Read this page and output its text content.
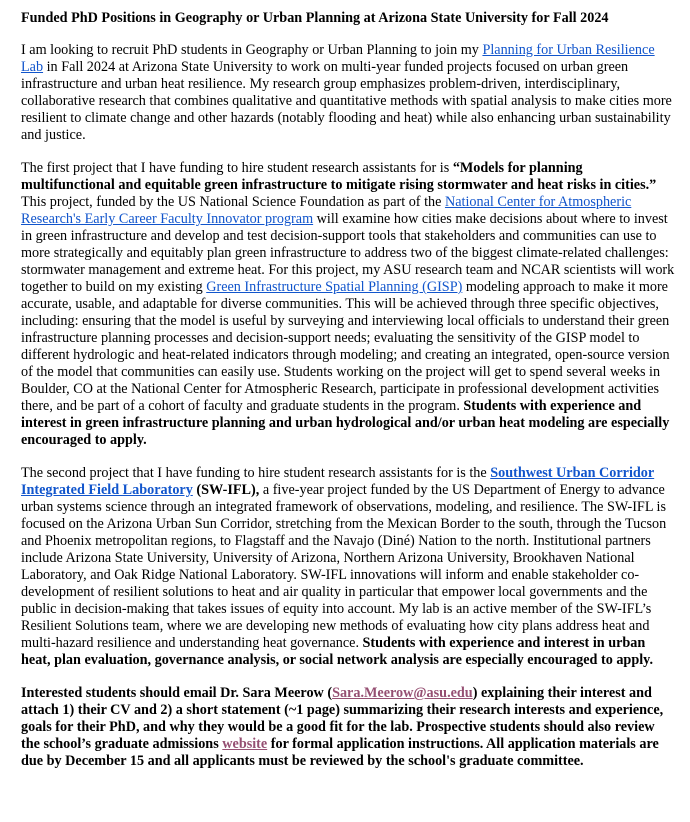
Funded PhD Positions in Geography or Urban Planning at Arizona State University for Fall 2024

I am looking to recruit PhD students in Geography or Urban Planning to join my Planning for Urban Resilience Lab in Fall 2024 at Arizona State University to work on multi-year funded projects focused on urban green infrastructure and urban heat resilience. My research group emphasizes problem-driven, interdisciplinary, collaborative research that combines qualitative and quantitative methods with spatial analysis to make cities more resilient to climate change and other hazards (notably flooding and heat) while also enhancing urban sustainability and justice.

The first project that I have funding to hire student research assistants for is “Models for planning multifunctional and equitable green infrastructure to mitigate rising stormwater and heat risks in cities.” This project, funded by the US National Science Foundation as part of the National Center for Atmospheric Research's Early Career Faculty Innovator program will examine how cities make decisions about where to invest in green infrastructure and develop and test decision-support tools that stakeholders and communities can use to more strategically and equitably plan green infrastructure to address two of the biggest climate-related challenges: stormwater management and extreme heat. For this project, my ASU research team and NCAR scientists will work together to build on my existing Green Infrastructure Spatial Planning (GISP) modeling approach to make it more accurate, usable, and adaptable for diverse communities. This will be achieved through three specific objectives, including: ensuring that the model is useful by surveying and interviewing local officials to understand their green infrastructure planning processes and decision-support needs; evaluating the sensitivity of the GISP model to different hydrologic and heat-related indicators through modeling; and creating an integrated, open-source version of the model that communities can easily use. Students working on the project will get to spend several weeks in Boulder, CO at the National Center for Atmospheric Research, participate in professional development activities there, and be part of a cohort of faculty and graduate students in the program. Students with experience and interest in green infrastructure planning and urban hydrological and/or urban heat modeling are especially encouraged to apply.

The second project that I have funding to hire student research assistants for is the Southwest Urban Corridor Integrated Field Laboratory (SW-IFL), a five-year project funded by the US Department of Energy to advance urban systems science through an integrated framework of observations, modeling, and resilience. The SW-IFL is focused on the Arizona Urban Sun Corridor, stretching from the Mexican Border to the south, through the Tucson and Phoenix metropolitan regions, to Flagstaff and the Navajo (Diné) Nation to the north. Institutional partners include Arizona State University, University of Arizona, Northern Arizona University, Brookhaven National Laboratory, and Oak Ridge National Laboratory. SW-IFL innovations will inform and enable stakeholder co-development of resilient solutions to heat and air quality in particular that empower local governments and the public in decision-making that takes issues of equity into account. My lab is an active member of the SW-IFL’s Resilient Solutions team, where we are developing new methods of evaluating how city plans address heat and multi-hazard resilience and understanding heat governance. Students with experience and interest in urban heat, plan evaluation, governance analysis, or social network analysis are especially encouraged to apply.

Interested students should email Dr. Sara Meerow (Sara.Meerow@asu.edu) explaining their interest and attach 1) their CV and 2) a short statement (~1 page) summarizing their research interests and experience, goals for their PhD, and why they would be a good fit for the lab. Prospective students should also review the school’s graduate admissions website for formal application instructions. All application materials are due by December 15 and all applicants must be reviewed by the school's graduate committee.
